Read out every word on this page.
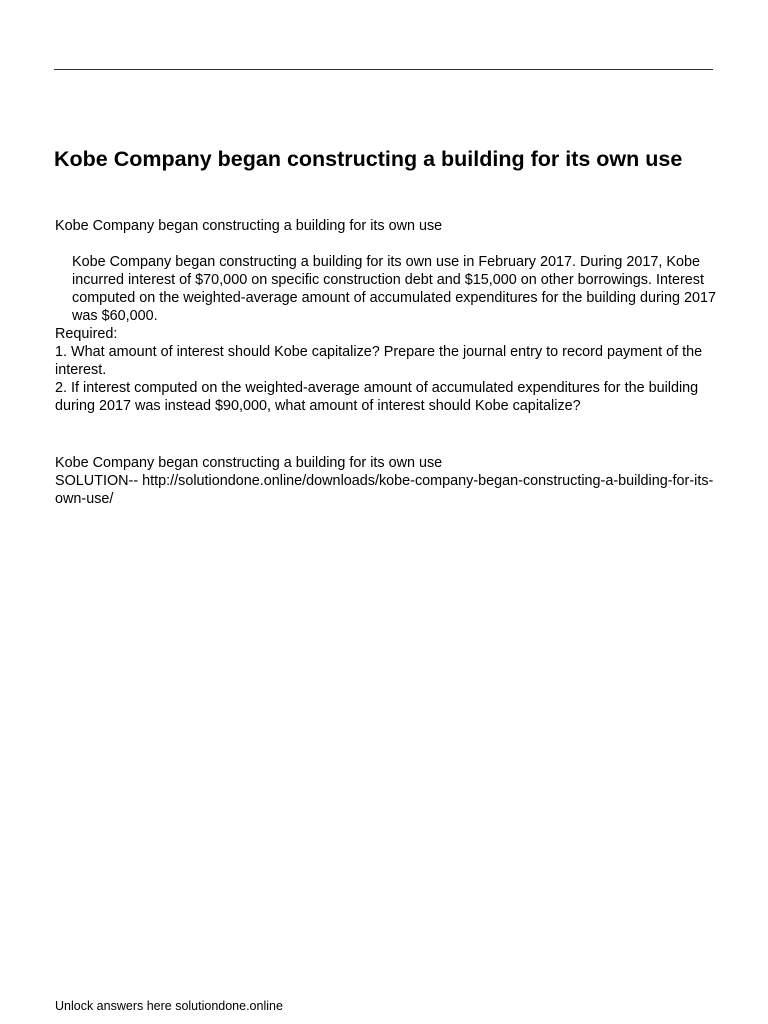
Kobe Company began constructing a building for its own use

Kobe Company began constructing a building for its own use

Kobe Company began constructing a building for its own use in February 2017. During 2017, Kobe incurred interest of $70,000 on specific construction debt and $15,000 on other borrowings. Interest computed on the weighted-average amount of accumulated expenditures for the building during 2017 was $60,000.

Required:

1. What amount of interest should Kobe capitalize? Prepare the journal entry to record payment of the interest.

2. If interest computed on the weighted-average amount of accumulated expenditures for the building during 2017 was instead $90,000, what amount of interest should Kobe capitalize?

Kobe Company began constructing a building for its own use

SOLUTION-- http://solutiondone.online/downloads/kobe-company-began-constructing-a-building-for-its-own-use/

Unlock answers here solutiondone.online
